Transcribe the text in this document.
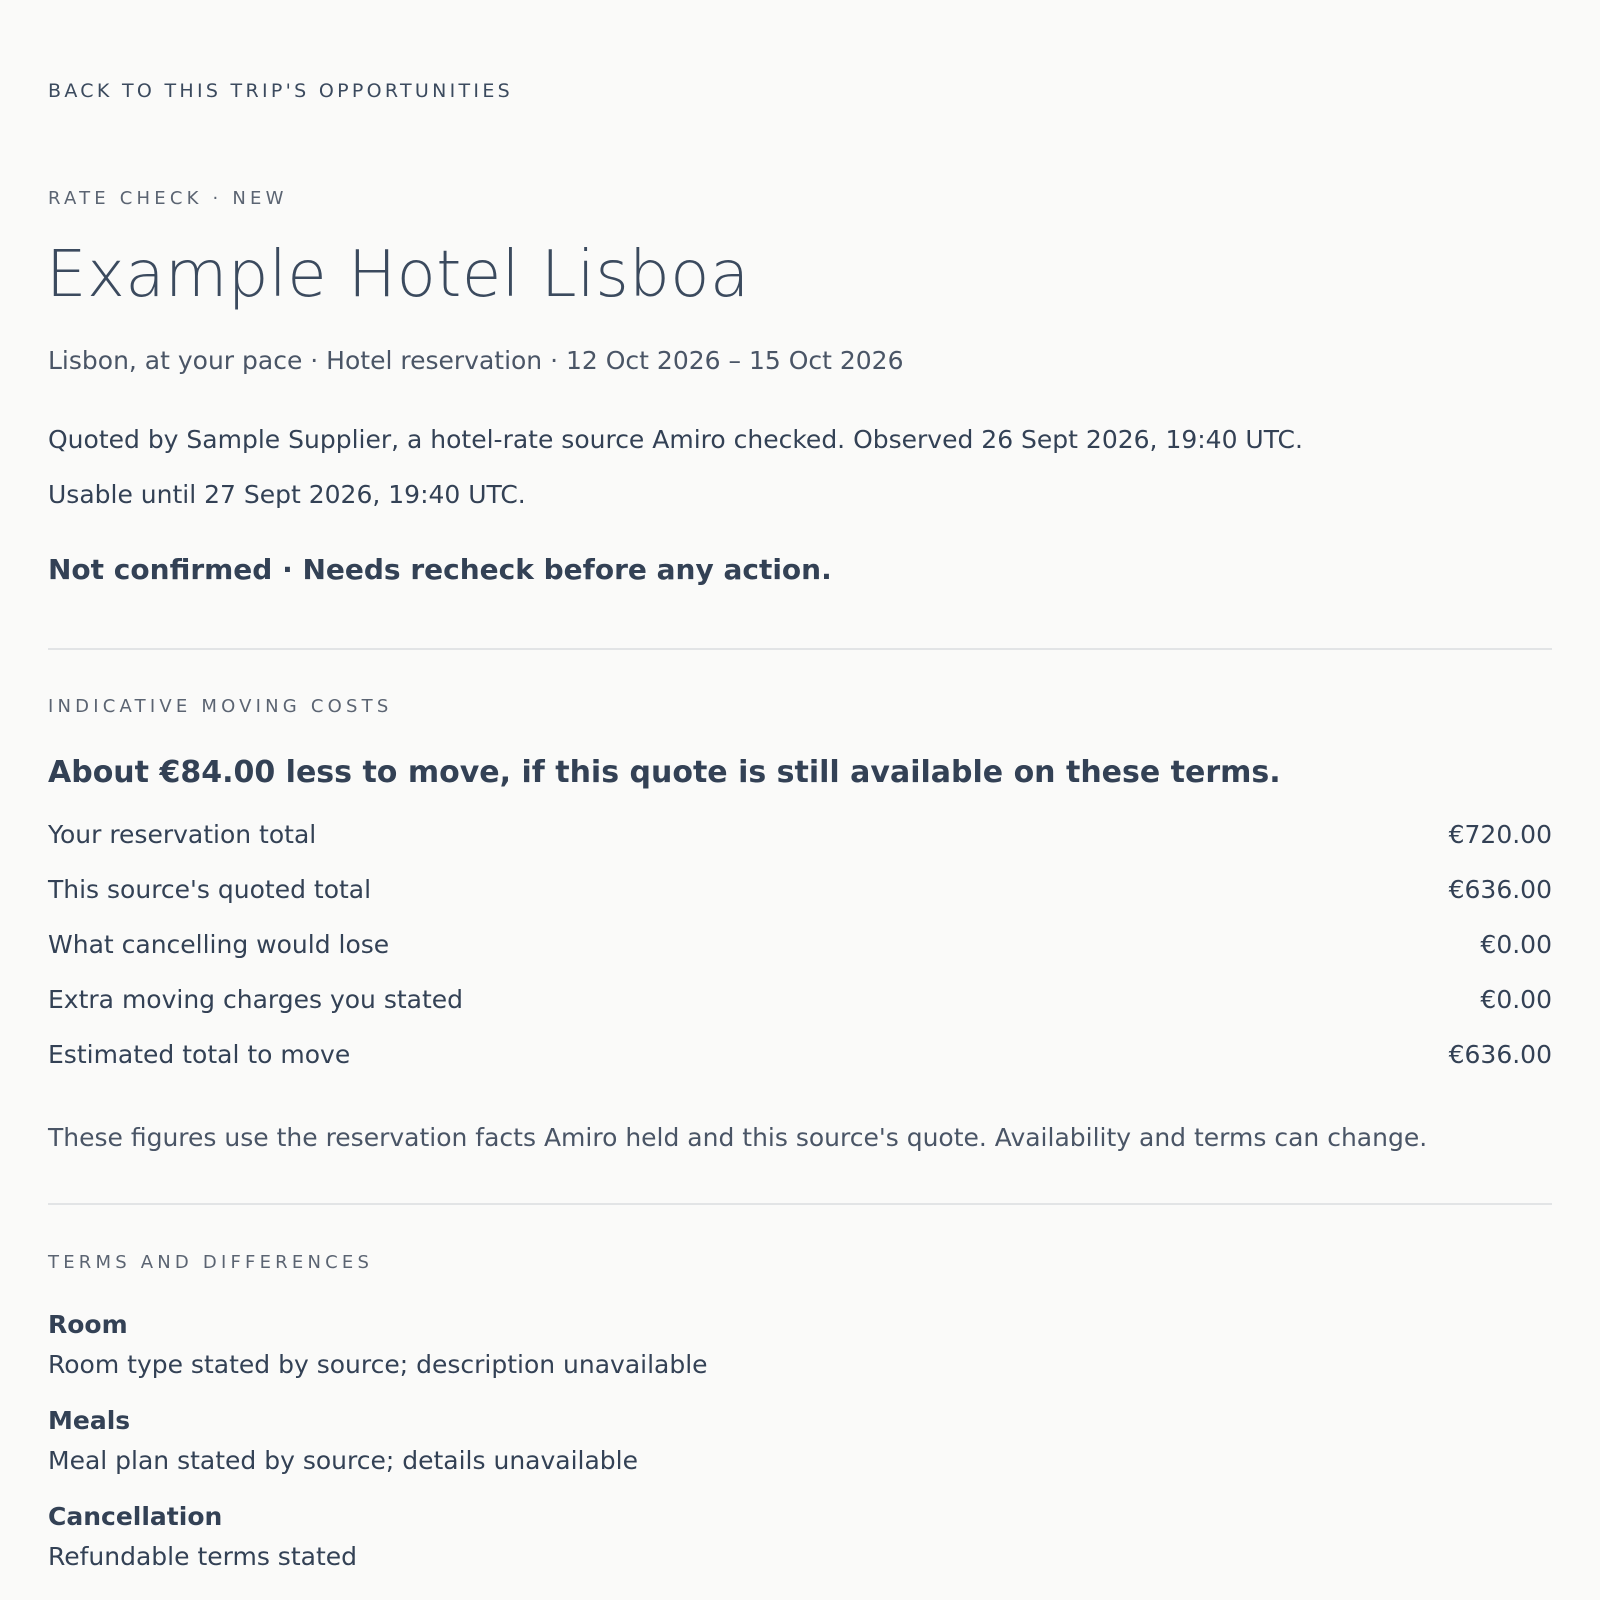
BACK TO THIS TRIP'S OPPORTUNITIES
RATE CHECK · NEW
Example Hotel Lisboa
Lisbon, at your pace · Hotel reservation · 12 Oct 2026 – 15 Oct 2026
Quoted by Sample Supplier, a hotel-rate source Amiro checked. Observed 26 Sept 2026, 19:40 UTC.
Usable until 27 Sept 2026, 19:40 UTC.
Not confirmed · Needs recheck before any action.
INDICATIVE MOVING COSTS
About €84.00 less to move, if this quote is still available on these terms.
Your reservation total	€720.00
This source's quoted total	€636.00
What cancelling would lose	€0.00
Extra moving charges you stated	€0.00
Estimated total to move	€636.00
These figures use the reservation facts Amiro held and this source's quote. Availability and terms can change.
TERMS AND DIFFERENCES
Room
Room type stated by source; description unavailable
Meals
Meal plan stated by source; details unavailable
Cancellation
Refundable terms stated
